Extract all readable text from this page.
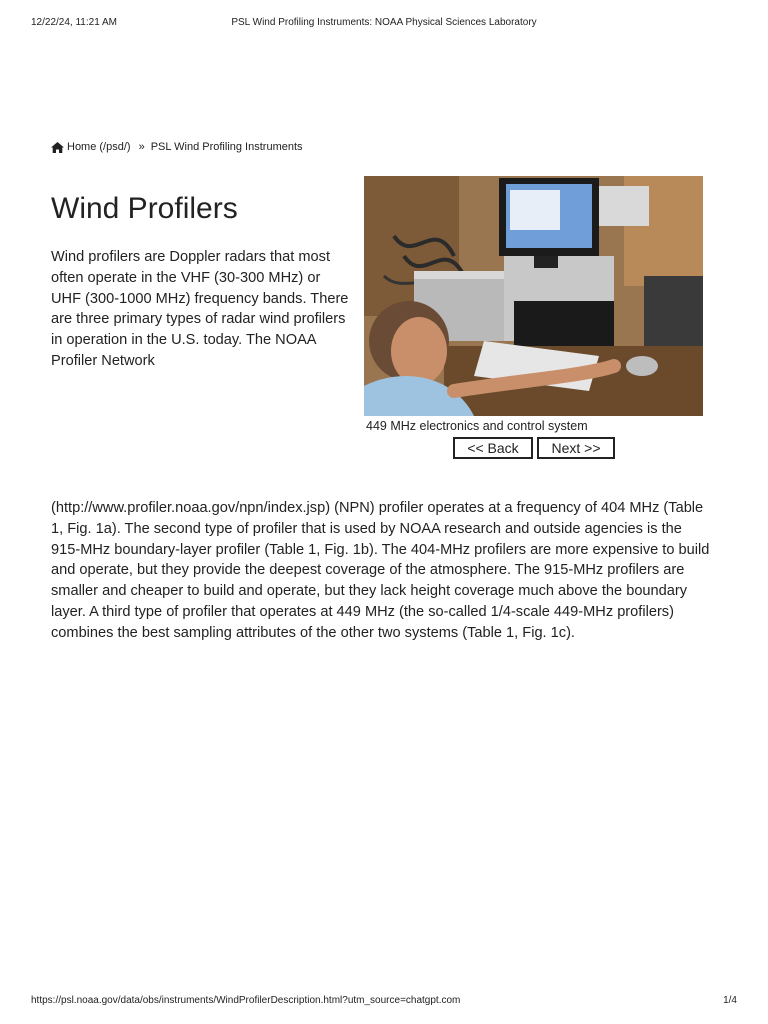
12/22/24, 11:21 AM	PSL Wind Profiling Instruments: NOAA Physical Sciences Laboratory
Home (/psd/) » PSL Wind Profiling Instruments
Wind Profilers

Wind profilers are Doppler radars that most often operate in the VHF (30-300 MHz) or UHF (300-1000 MHz) frequency bands. There are three primary types of radar wind profilers in operation in the U.S. today. The NOAA Profiler Network

449 MHz electronics and control system
<< Back	Next >>

(http://www.profiler.noaa.gov/npn/index.jsp) (NPN) profiler operates at a frequency of 404 MHz (Table 1, Fig. 1a). The second type of profiler that is used by NOAA research and outside agencies is the 915-MHz boundary-layer profiler (Table 1, Fig. 1b). The 404-MHz profilers are more expensive to build and operate, but they provide the deepest coverage of the atmosphere. The 915-MHz profilers are smaller and cheaper to build and operate, but they lack height coverage much above the boundary layer. A third type of profiler that operates at 449 MHz (the so-called 1/4-scale 449-MHz profilers) combines the best sampling attributes of the other two systems (Table 1, Fig. 1c).

https://psl.noaa.gov/data/obs/instruments/WindProfilerDescription.html?utm_source=chatgpt.com	1/4
